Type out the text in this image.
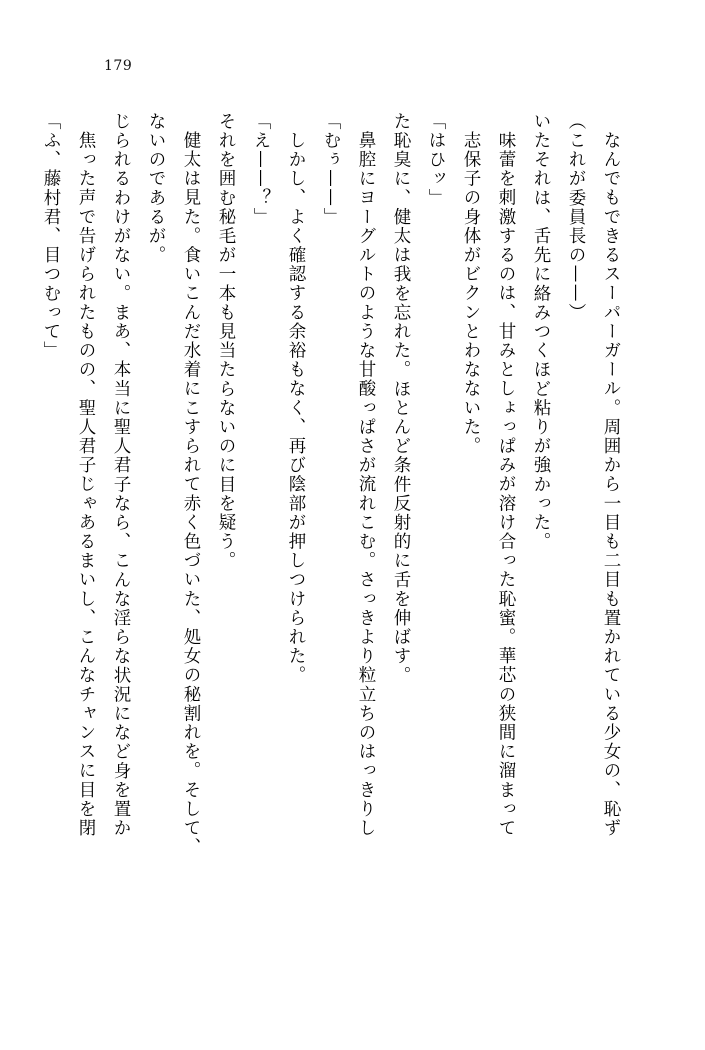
179
「ふ、藤村君、目つむって」 焦った声で告げられたものの、聖人君子じゃあるまいし、こんなチャンスに目を閉 じられるわけがない。まあ、本当に聖人君子なら、こんな淫らな状況になど身を置か ないのであるが。 健太は見た。食いこんだ水着にこすられて赤く色づいた、処女の秘割れを。そして、 それを囲む秘毛が一本も見当たらないのに目を疑う。 「え——？」 しかし、よく確認する余裕もなく、再び陰部が押しつけられた。 「むぅ——」 鼻腔にヨーグルトのような甘酸っぱさが流れこむ。さっきより粒立ちのはっきりし た恥臭に、健太は我を忘れた。ほとんど条件反射的に舌を伸ばす。 「はひッ」 志保子の身体がビクンとわなないた。 味蕾を刺激するのは、甘みとしょっぱみが溶け合った恥蜜。華芯の狭間に溜まって いたそれは、舌先に絡みつくほど粘りが強かった。 （これが委員長の——） なんでもできるスーパーガール。周囲から一目も二目も置かれている少女の、恥ず
